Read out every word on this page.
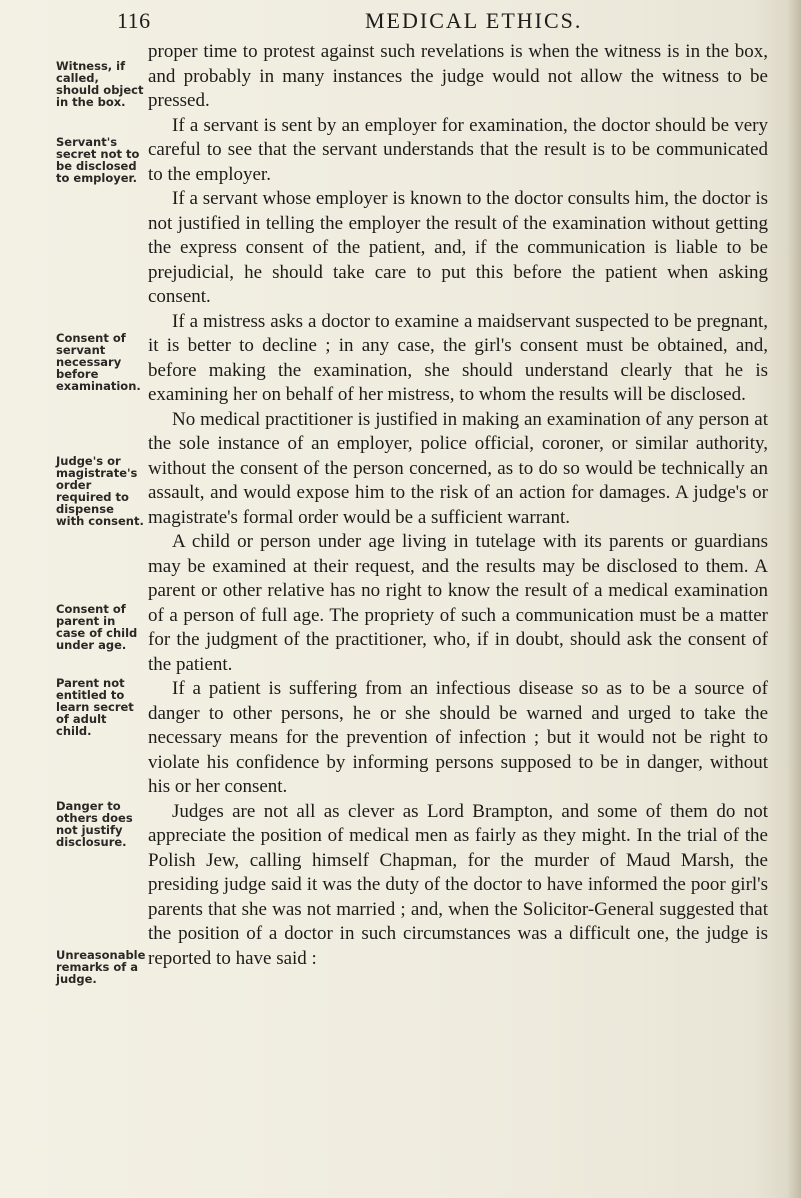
116	MEDICAL ETHICS.
Witness, if called, should object in the box.
Servant's secret not to be disclosed to employer.
Consent of servant necessary before examination.
Judge's or magistrate's order required to dispense with consent.
Consent of parent in case of child under age.
Parent not entitled to learn secret of adult child.
Danger to others does not justify disclosure.
Unreasonable remarks of a judge.

proper time to protest against such revelations is when the witness is in the box, and probably in many instances the judge would not allow the witness to be pressed.

If a servant is sent by an employer for examination, the doctor should be very careful to see that the servant understands that the result is to be communicated to the employer.

If a servant whose employer is known to the doctor consults him, the doctor is not justified in telling the employer the result of the examination without getting the express consent of the patient, and, if the communication is liable to be prejudicial, he should take care to put this before the patient when asking consent.

If a mistress asks a doctor to examine a maidservant suspected to be pregnant, it is better to decline ; in any case, the girl's consent must be obtained, and, before making the examination, she should understand clearly that he is examining her on behalf of her mistress, to whom the results will be disclosed.

No medical practitioner is justified in making an examination of any person at the sole instance of an employer, police official, coroner, or similar authority, without the consent of the person concerned, as to do so would be technically an assault, and would expose him to the risk of an action for damages. A judge's or magistrate's formal order would be a sufficient warrant.

A child or person under age living in tutelage with its parents or guardians may be examined at their request, and the results may be disclosed to them. A parent or other relative has no right to know the result of a medical examination of a person of full age. The propriety of such a communication must be a matter for the judgment of the practitioner, who, if in doubt, should ask the consent of the patient.

If a patient is suffering from an infectious disease so as to be a source of danger to other persons, he or she should be warned and urged to take the necessary means for the prevention of infection ; but it would not be right to violate his confidence by informing persons supposed to be in danger, without his or her consent.

Judges are not all as clever as Lord Brampton, and some of them do not appreciate the position of medical men as fairly as they might. In the trial of the Polish Jew, calling himself Chapman, for the murder of Maud Marsh, the presiding judge said it was the duty of the doctor to have informed the poor girl's parents that she was not married ; and, when the Solicitor-General suggested that the position of a doctor in such circumstances was a difficult one, the judge is reported to have said :
